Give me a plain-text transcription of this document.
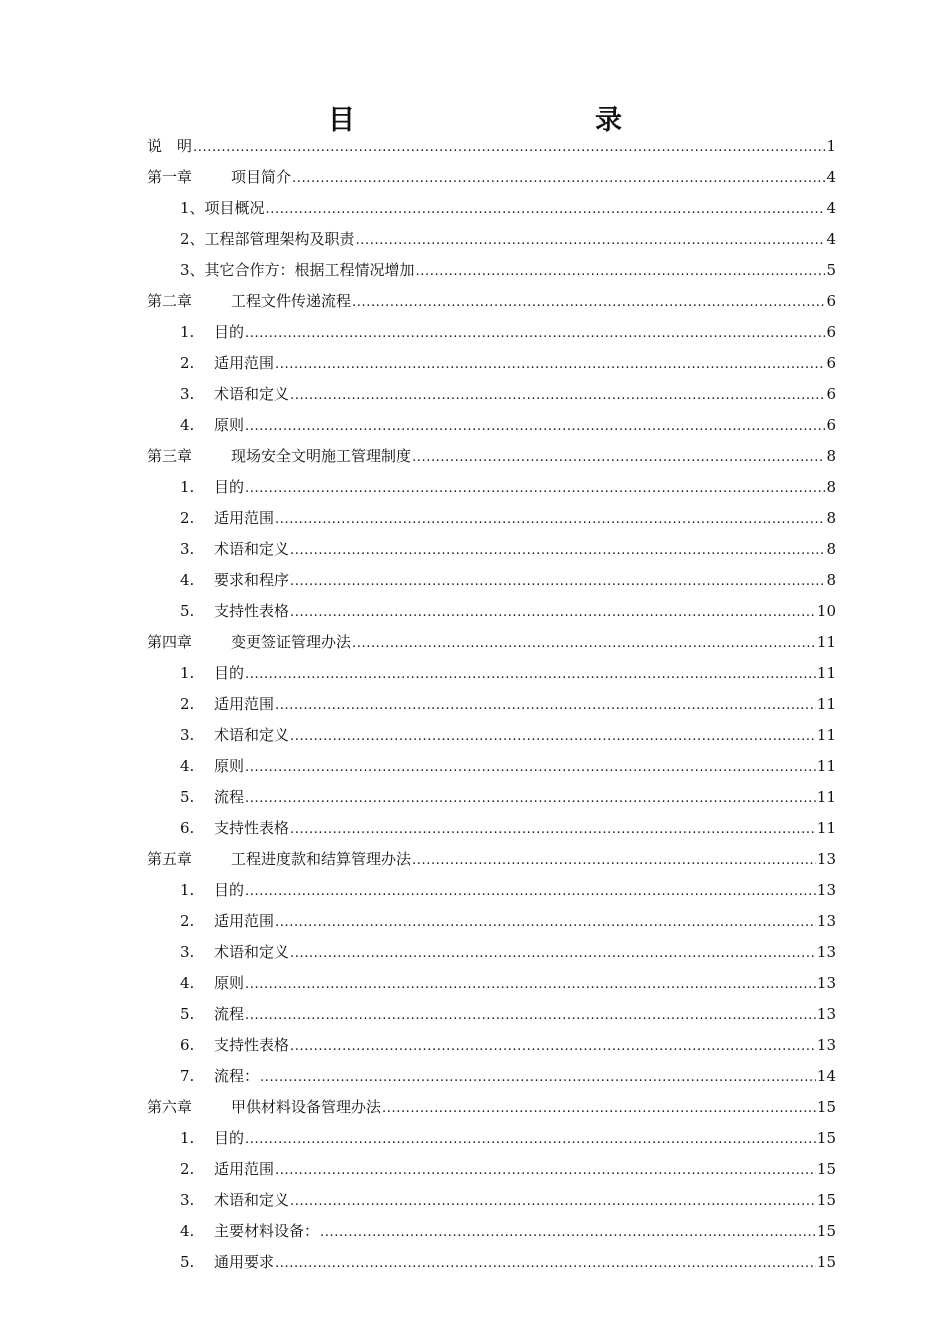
目　　录
说　明 .....	1
第一章	项目简介 .....	4
1、项目概况 .....	4
2、工程部管理架构及职责 .....	4
3、其它合作方：根据工程情况增加 .....	5
第二章	工程文件传递流程 .....	6
1.	目的 .....	6
2.	适用范围 .....	6
3.	术语和定义 .....	6
4.	原则 .....	6
第三章	现场安全文明施工管理制度 .....	8
1.	目的 .....	8
2.	适用范围 .....	8
3.	术语和定义 .....	8
4.	要求和程序 .....	8
5.	支持性表格 .....	10
第四章	变更签证管理办法 .....	11
1.	目的 .....	11
2.	适用范围 .....	11
3.	术语和定义 .....	11
4.	原则 .....	11
5.	流程 .....	11
6.	支持性表格 .....	11
第五章	工程进度款和结算管理办法 .....	13
1.	目的 .....	13
2.	适用范围 .....	13
3.	术语和定义 .....	13
4.	原则 .....	13
5.	流程 .....	13
6.	支持性表格 .....	13
7.	流程： .....	14
第六章	甲供材料设备管理办法 .....	15
1.	目的 .....	15
2.	适用范围 .....	15
3.	术语和定义 .....	15
4.	主要材料设备： .....	15
5.	通用要求 .....	15
